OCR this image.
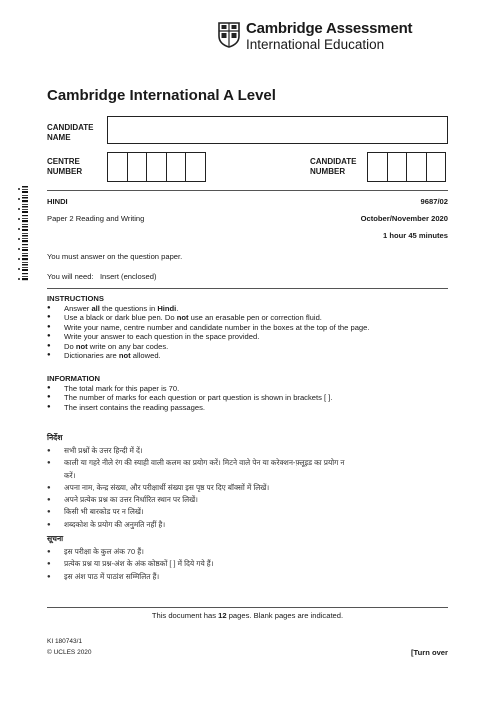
Cambridge Assessment
International Education
Cambridge International A Level
CANDIDATE
NAME
CENTRE
NUMBER
CANDIDATE
NUMBER
HINDI	9687/02
Paper 2 Reading and Writing	October/November 2020
1 hour 45 minutes
You must answer on the question paper.
You will need: Insert (enclosed)
INSTRUCTIONS
● Answer all the questions in Hindi.
● Use a black or dark blue pen. Do not use an erasable pen or correction fluid.
● Write your name, centre number and candidate number in the boxes at the top of the page.
● Write your answer to each question in the space provided.
● Do not write on any bar codes.
● Dictionaries are not allowed.
INFORMATION
● The total mark for this paper is 70.
● The number of marks for each question or part question is shown in brackets [ ].
● The insert contains the reading passages.
निर्देश
● सभी प्रश्नों के उत्तर हिन्दी में दें।
● काली या गहरे नीले रंग की स्याही वाली कलम का प्रयोग करें। मिटने वाले पेन या करेक्शन-फ़्लूइड का प्रयोग न
करें।
● अपना नाम, केन्द्र संख्या, और परीक्षार्थी संख्या इस पृष्ठ पर दिए बॉक्सों में लिखें।
● अपने प्रत्येक प्रश्न का उत्तर निर्धारित स्थान पर लिखें।
● किसी भी बारकोड पर न लिखें।
● शब्दकोश के प्रयोग की अनुमति नहीं है।
सूचना
● इस परीक्षा के कुल अंक 70 हैं।
● प्रत्येक प्रश्न या प्रश्न-अंश के अंक कोष्ठकों [ ] में दिये गये हैं।
● इस अंश पाठ में पाठांश सम्मिलित हैं।
This document has 12 pages. Blank pages are indicated.
KI 180743/1
© UCLES 2020	[Turn over
